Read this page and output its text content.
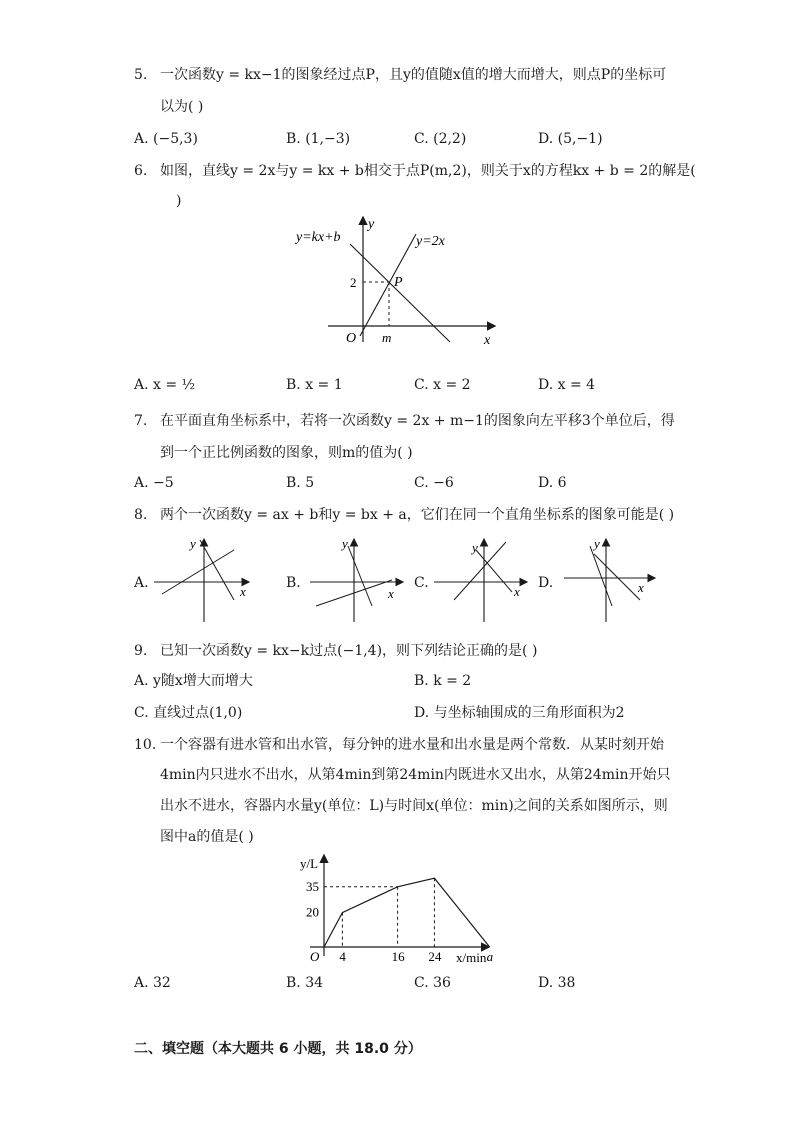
5. 一次函数y = kx−1的图象经过点P，且y的值随x值的增大而增大，则点P的坐标可
以为( )
A. (−5,3)	B. (1,−3)	C. (2,2)	D. (5,−1)
6. 如图，直线y = 2x与y = kx + b相交于点P(m,2)，则关于x的方程kx + b = 2的解是(
)
y=kx+b	y=2x
y
x
O m
2	P
A. x = ½	B. x = 1	C. x = 2	D. x = 4
7. 在平面直角坐标系中，若将一次函数y = 2x + m−1的图象向左平移3个单位后，得
到一个正比例函数的图象，则m的值为( )
A. −5	B. 5	C. −6	D. 6
8. 两个一次函数y = ax + b和y = bx + a，它们在同一个直角坐标系的图象可能是( )
A.
y
x
B.
y
x
C.
y
x
D.
y
x
9. 已知一次函数y = kx−k过点(−1,4)，则下列结论正确的是( )
A. y随x增大而增大	B. k = 2
C. 直线过点(1,0)	D. 与坐标轴围成的三角形面积为2
10. 一个容器有进水管和出水管，每分钟的进水量和出水量是两个常数．从某时刻开始
4min内只进水不出水，从第4min到第24min内既进水又出水，从第24min开始只
出水不进水，容器内水量y(单位：L)与时间x(单位：min)之间的关系如图所示，则
图中a的值是( )
y/L
x/min
O 4	16 24	a
20
35
A. 32	B. 34	C. 36	D. 38
二、填空题（本大题共 6 小题，共 18.0 分）
